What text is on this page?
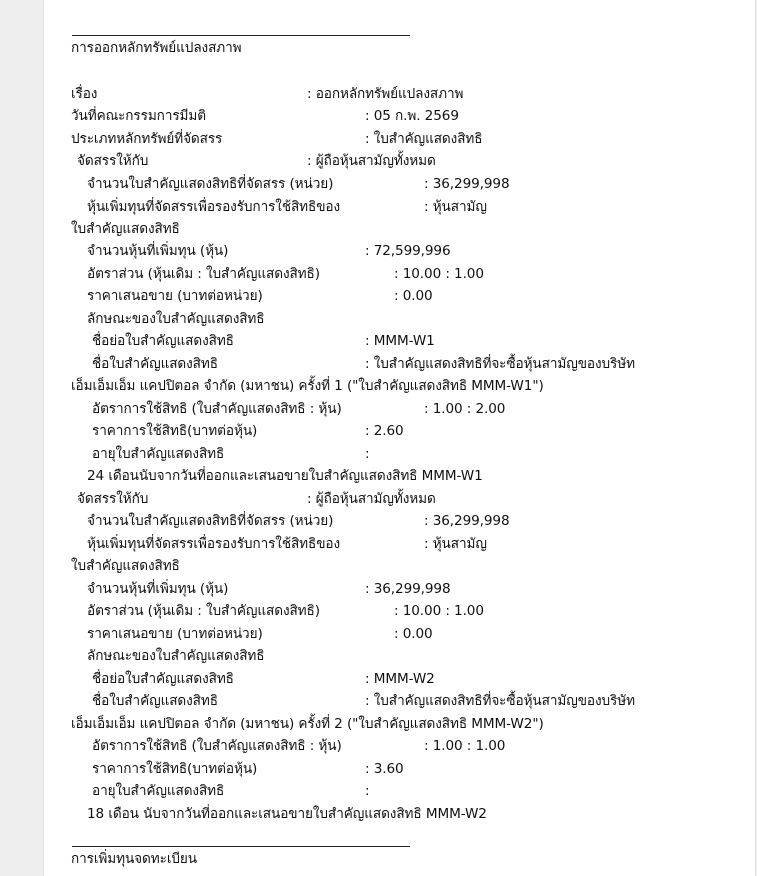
การออกหลักทรัพย์แปลงสภาพ
เรื่อง	: ออกหลักทรัพย์แปลงสภาพ
วันที่คณะกรรมการมีมติ	: 05 ก.พ. 2569
ประเภทหลักทรัพย์ที่จัดสรร	: ใบสำคัญแสดงสิทธิ
จัดสรรให้กับ	: ผู้ถือหุ้นสามัญทั้งหมด
จำนวนใบสำคัญแสดงสิทธิที่จัดสรร (หน่วย)	: 36,299,998
หุ้นเพิ่มทุนที่จัดสรรเพื่อรองรับการใช้สิทธิของ	: หุ้นสามัญ
ใบสำคัญแสดงสิทธิ
จำนวนหุ้นที่เพิ่มทุน (หุ้น)	: 72,599,996
อัตราส่วน (หุ้นเดิม : ใบสำคัญแสดงสิทธิ)	: 10.00 : 1.00
ราคาเสนอขาย (บาทต่อหน่วย)	: 0.00
ลักษณะของใบสำคัญแสดงสิทธิ
ชื่อย่อใบสำคัญแสดงสิทธิ	: MMM-W1
ชื่อใบสำคัญแสดงสิทธิ	: ใบสำคัญแสดงสิทธิที่จะซื้อหุ้นสามัญของบริษัท
เอ็มเอ็มเอ็ม แคปปิตอล จำกัด (มหาชน) ครั้งที่ 1 ("ใบสำคัญแสดงสิทธิ MMM-W1")
อัตราการใช้สิทธิ (ใบสำคัญแสดงสิทธิ : หุ้น)	: 1.00 : 2.00
ราคาการใช้สิทธิ(บาทต่อหุ้น)	: 2.60
อายุใบสำคัญแสดงสิทธิ	:
24 เดือนนับจากวันที่ออกและเสนอขายใบสำคัญแสดงสิทธิ MMM-W1
จัดสรรให้กับ	: ผู้ถือหุ้นสามัญทั้งหมด
จำนวนใบสำคัญแสดงสิทธิที่จัดสรร (หน่วย)	: 36,299,998
หุ้นเพิ่มทุนที่จัดสรรเพื่อรองรับการใช้สิทธิของ	: หุ้นสามัญ
ใบสำคัญแสดงสิทธิ
จำนวนหุ้นที่เพิ่มทุน (หุ้น)	: 36,299,998
อัตราส่วน (หุ้นเดิม : ใบสำคัญแสดงสิทธิ)	: 10.00 : 1.00
ราคาเสนอขาย (บาทต่อหน่วย)	: 0.00
ลักษณะของใบสำคัญแสดงสิทธิ
ชื่อย่อใบสำคัญแสดงสิทธิ	: MMM-W2
ชื่อใบสำคัญแสดงสิทธิ	: ใบสำคัญแสดงสิทธิที่จะซื้อหุ้นสามัญของบริษัท
เอ็มเอ็มเอ็ม แคปปิตอล จำกัด (มหาชน) ครั้งที่ 2 ("ใบสำคัญแสดงสิทธิ MMM-W2")
อัตราการใช้สิทธิ (ใบสำคัญแสดงสิทธิ : หุ้น)	: 1.00 : 1.00
ราคาการใช้สิทธิ(บาทต่อหุ้น)	: 3.60
อายุใบสำคัญแสดงสิทธิ	:
18 เดือน นับจากวันที่ออกและเสนอขายใบสำคัญแสดงสิทธิ MMM-W2
การเพิ่มทุนจดทะเบียน
